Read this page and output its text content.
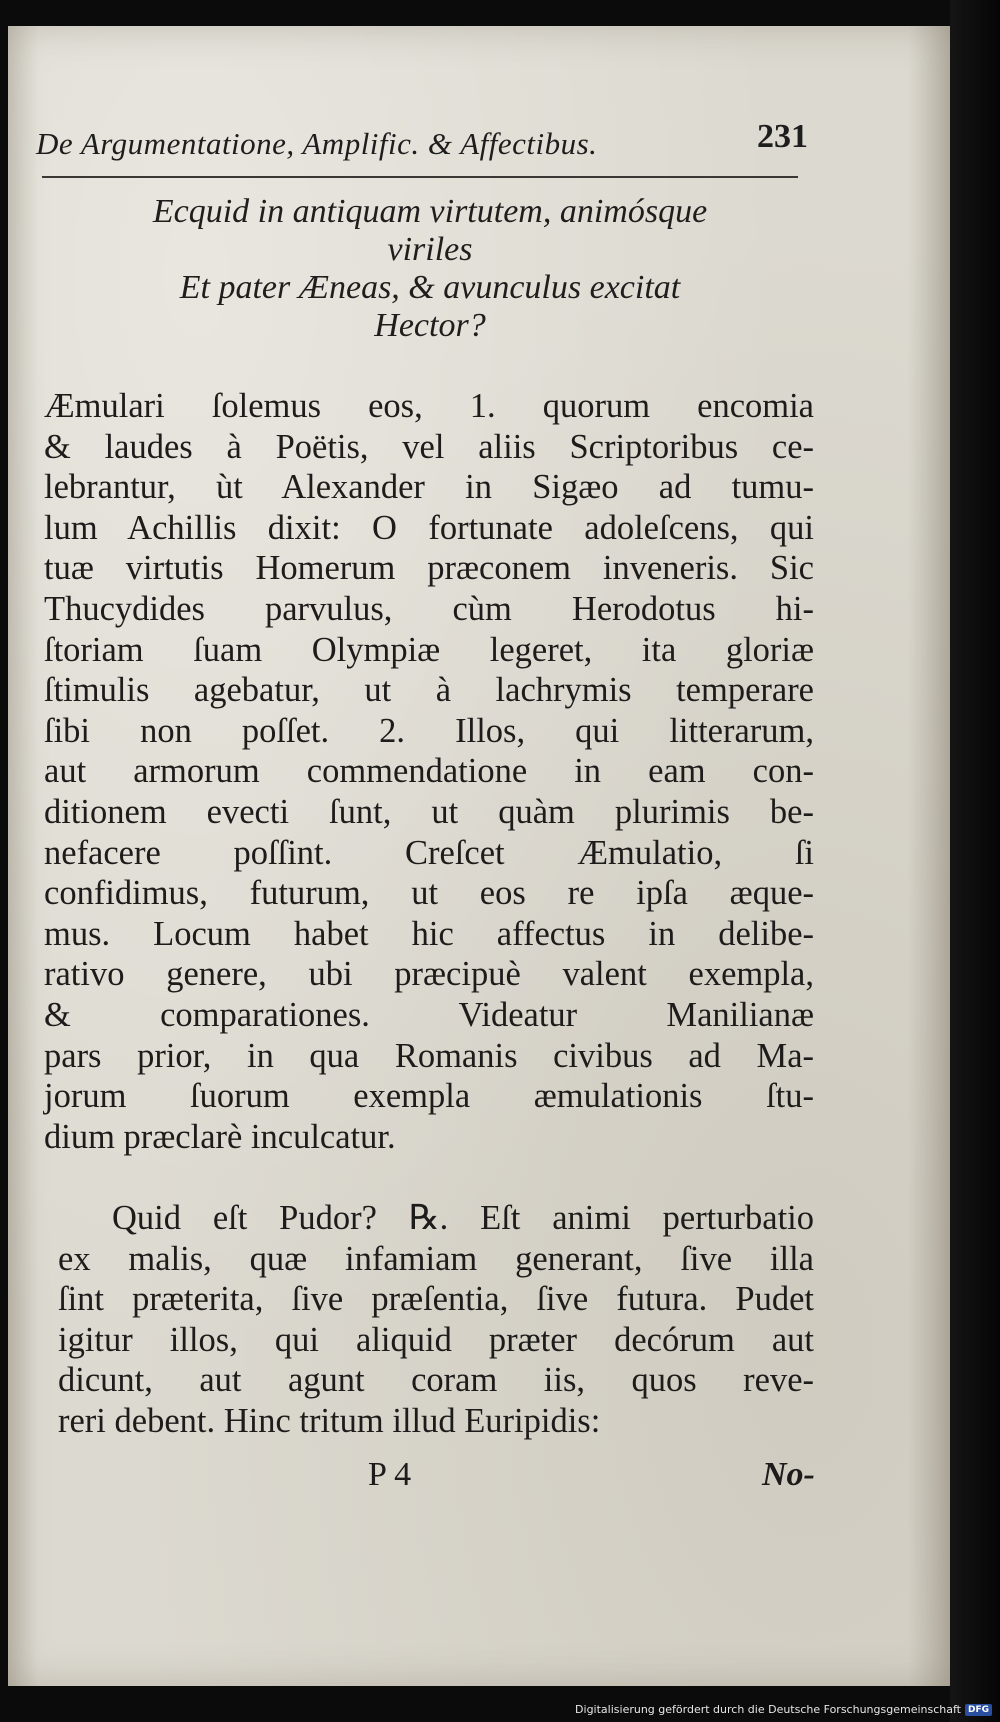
De Argumentatione, Amplific. & Affectibus.	231
Ecquid in antiquam virtutem, animósque
viriles
Et pater Æneas, & avunculus excitat
Hector?
Æmulari ſolemus eos, 1. quorum encomia
& laudes à Poëtis, vel aliis Scriptoribus ce-
lebrantur, ùt Alexander in Sigæo ad tumu-
lum Achillis dixit: O fortunate adoleſcens, qui
tuæ virtutis Homerum præconem inveneris. Sic
Thucydides parvulus, cùm Herodotus hi-
ſtoriam ſuam Olympiæ legeret, ita gloriæ
ſtimulis agebatur, ut à lachrymis temperare
ſibi non poſſet. 2. Illos, qui litterarum,
aut armorum commendatione in eam con-
ditionem evecti ſunt, ut quàm plurimis be-
nefacere poſſint. Creſcet Æmulatio, ſi
confidimus, futurum, ut eos re ipſa æque-
mus. Locum habet hic affectus in delibe-
rativo genere, ubi præcipuè valent exempla,
& comparationes. Videatur Manilianæ
pars prior, in qua Romanis civibus ad Ma-
jorum ſuorum exempla æmulationis ſtu-
dium præclarè inculcatur.
Quid eſt Pudor? ℞. Eſt animi perturbatio
ex malis, quæ infamiam generant, ſive illa
ſint præterita, ſive præſentia, ſive futura. Pudet
igitur illos, qui aliquid præter decórum aut
dicunt, aut agunt coram iis, quos reve-
reri debent. Hinc tritum illud Euripidis:
P 4	No-
Digitalisierung gefördert durch die Deutsche Forschungsgemeinschaft DFG
